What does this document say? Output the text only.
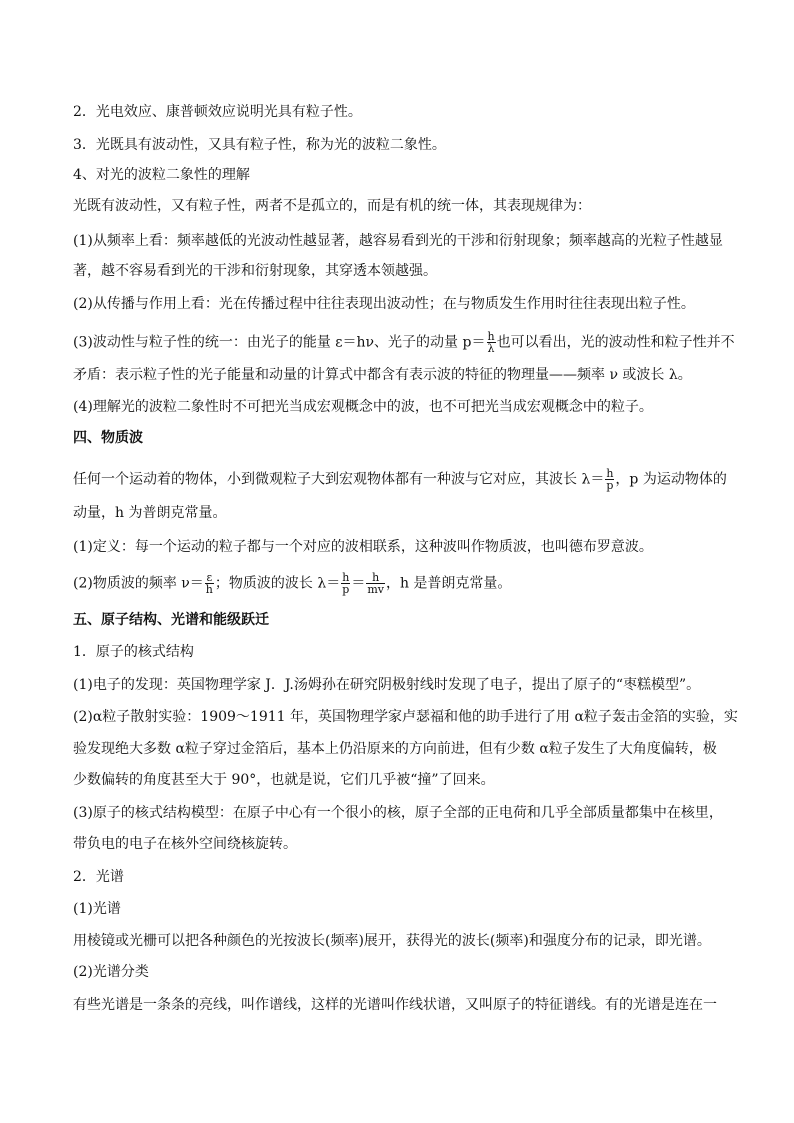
2．光电效应、康普顿效应说明光具有粒子性。
3．光既具有波动性，又具有粒子性，称为光的波粒二象性。
4、对光的波粒二象性的理解
光既有波动性，又有粒子性，两者不是孤立的，而是有机的统一体，其表现规律为：
(1)从频率上看：频率越低的光波动性越显著，越容易看到光的干涉和衍射现象；频率越高的光粒子性越显
著，越不容易看到光的干涉和衍射现象，其穿透本领越强。
(2)从传播与作用上看：光在传播过程中往往表现出波动性；在与物质发生作用时往往表现出粒子性。
(3)波动性与粒子性的统一：由光子的能量 ε＝hν、光子的动量 $p= \frac{h}{\lambda}$ 也可以看出，光的波动性和粒子性并不
矛盾：表示粒子性的光子能量和动量的计算式中都含有表示波的特征的物理量——频率 ν 或波长 λ。
(4)理解光的波粒二象性时不可把光当成宏观概念中的波，也不可把光当成宏观概念中的粒子。
四、物质波
任何一个运动着的物体，小到微观粒子大到宏观物体都有一种波与它对应，其波长 $\lambda= \frac{h}{p}$ ，p 为运动物体的
动量，h 为普朗克常量。
(1)定义：每一个运动的粒子都与一个对应的波相联系，这种波叫作物质波，也叫德布罗意波。
(2)物质波的频率 $\nu= \frac{\varepsilon}{h}$ ；物质波的波长 $\lambda= \frac{h}{p} = \frac{h}{mv}$ ，h 是普朗克常量。
五、原子结构、光谱和能级跃迁
1．原子的核式结构
(1)电子的发现：英国物理学家 J．J.汤姆孙在研究阴极射线时发现了电子，提出了原子的“枣糕模型”。
(2)α粒子散射实验：1909～1911 年，英国物理学家卢瑟福和他的助手进行了用 α粒子轰击金箔的实验，实
验发现绝大多数 α粒子穿过金箔后，基本上仍沿原来的方向前进，但有少数 α粒子发生了大角度偏转，极
少数偏转的角度甚至大于 90°，也就是说，它们几乎被“撞”了回来。
(3)原子的核式结构模型：在原子中心有一个很小的核，原子全部的正电荷和几乎全部质量都集中在核里，
带负电的电子在核外空间绕核旋转。
2．光谱
(1)光谱
用棱镜或光栅可以把各种颜色的光按波长(频率)展开，获得光的波长(频率)和强度分布的记录，即光谱。
(2)光谱分类
有些光谱是一条条的亮线，叫作谱线，这样的光谱叫作线状谱，又叫原子的特征谱线。有的光谱是连在一
